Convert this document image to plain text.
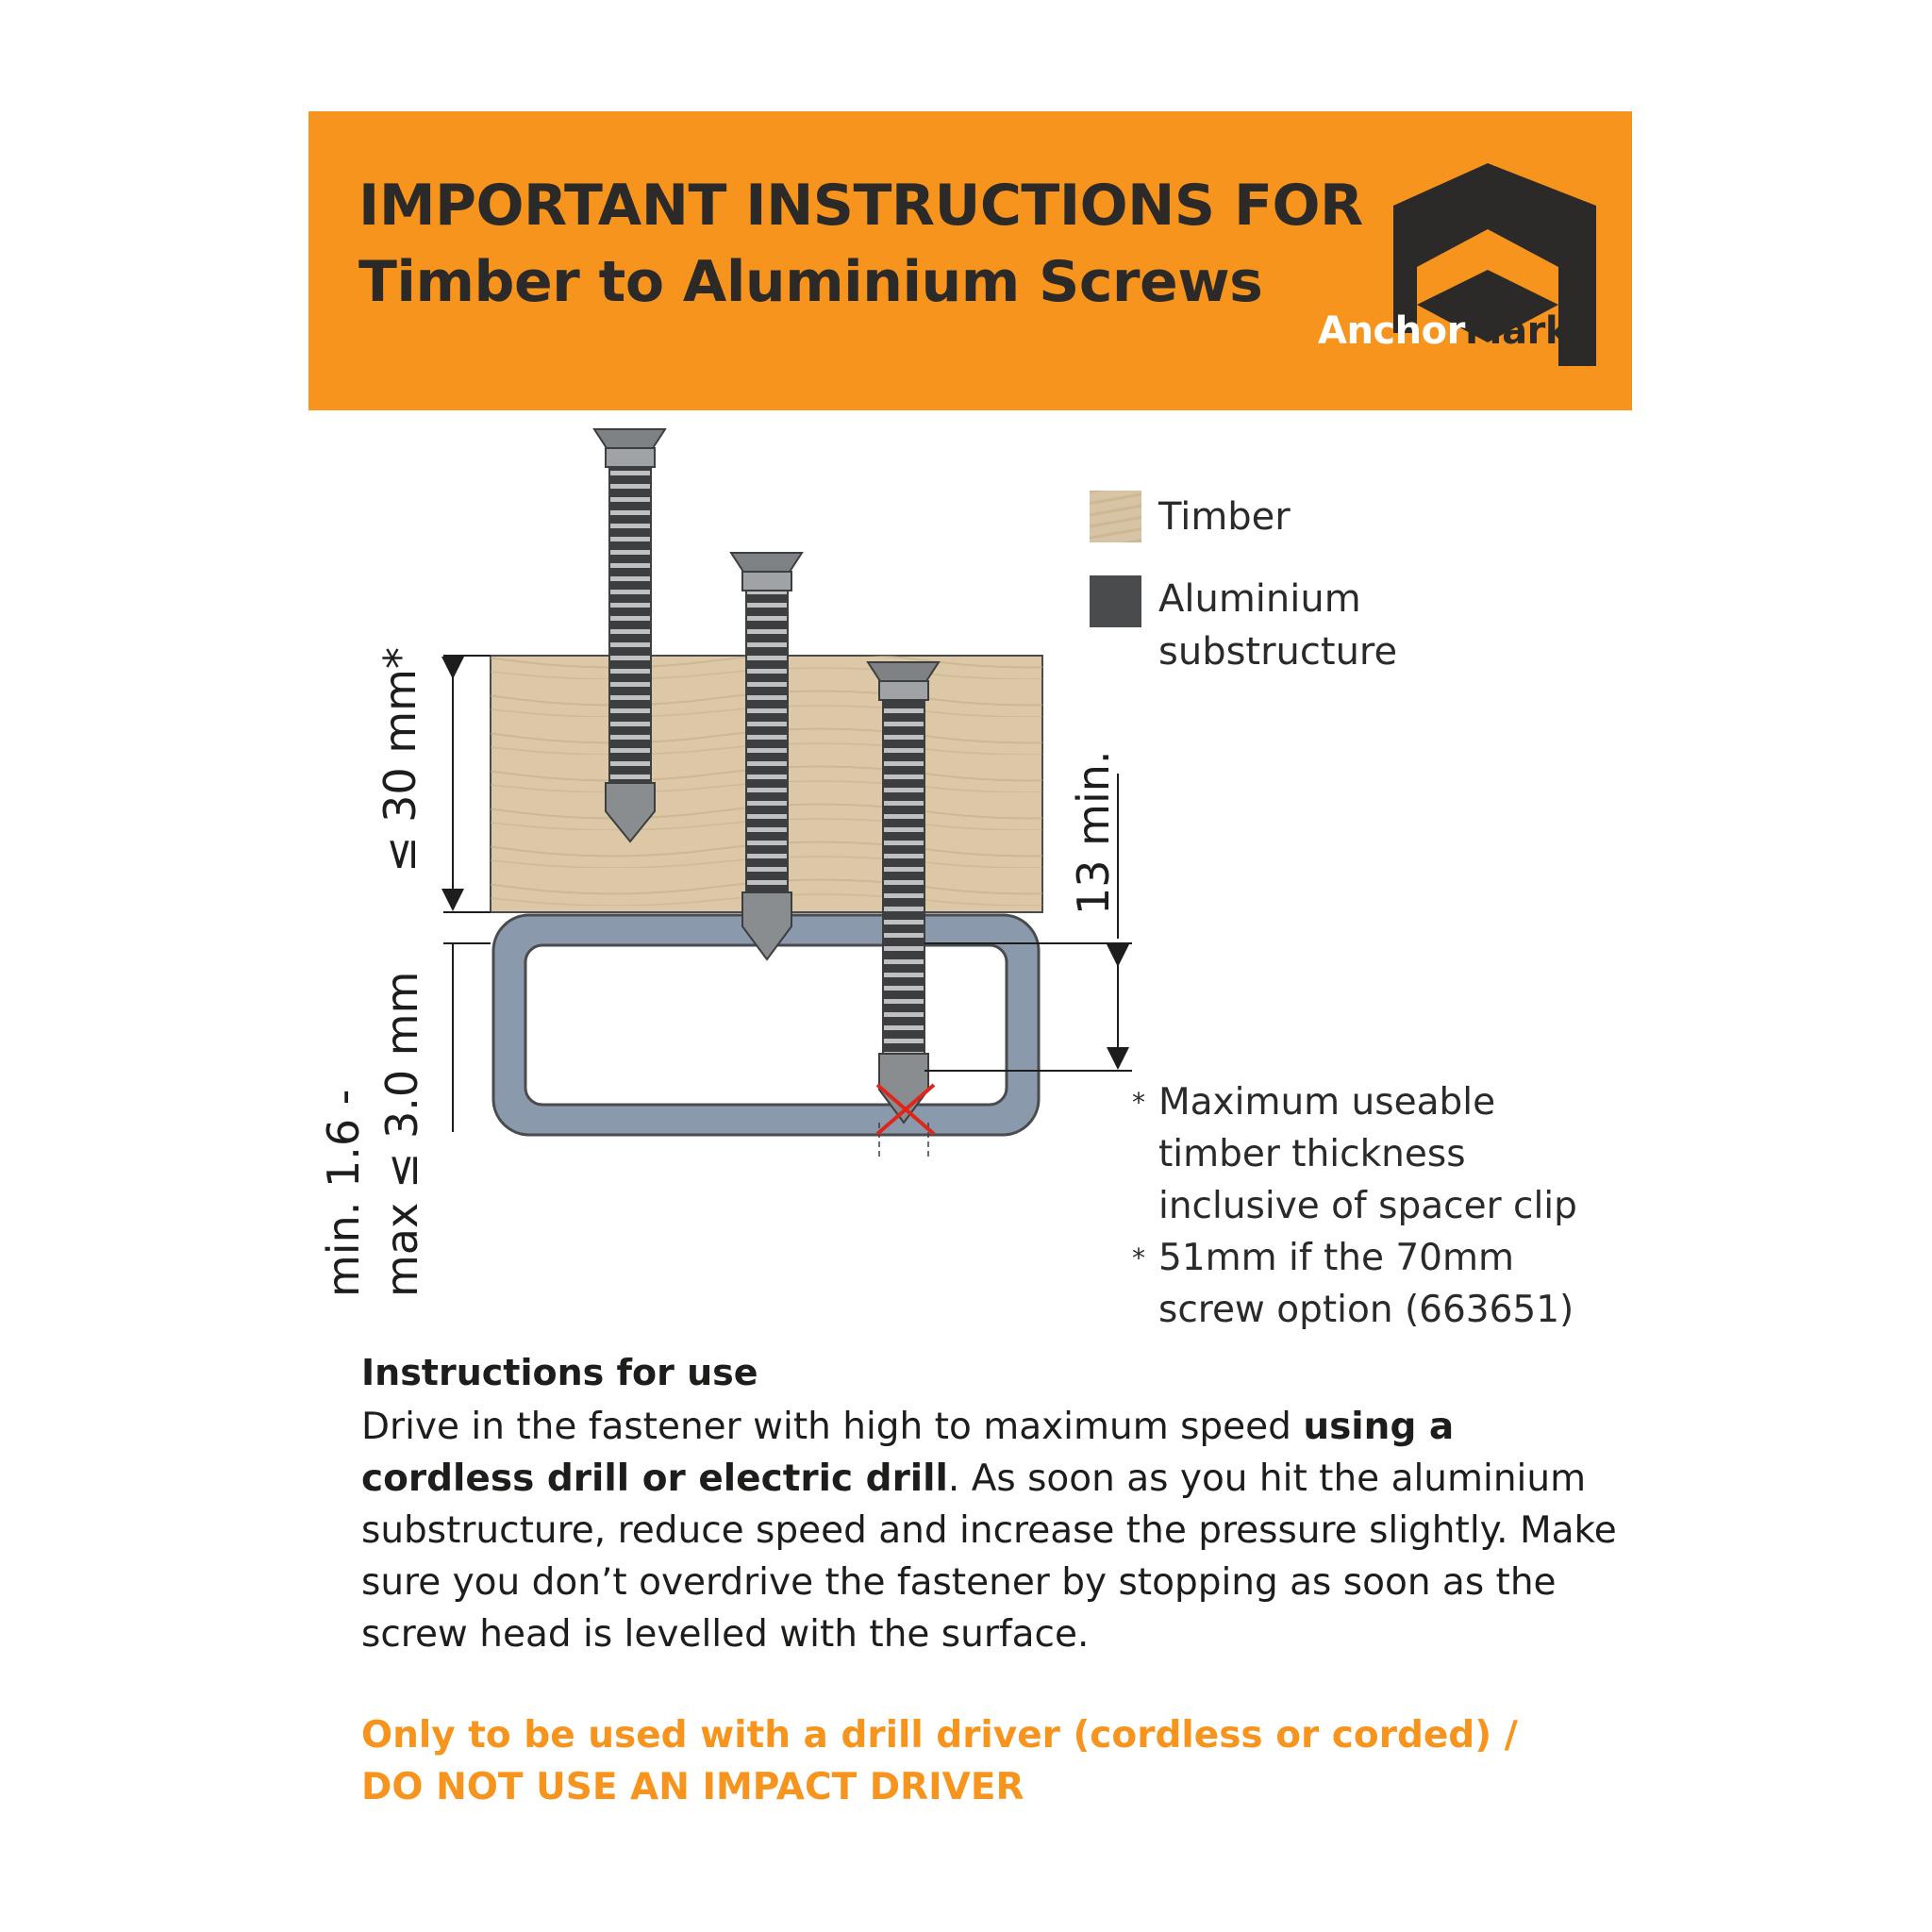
IMPORTANT INSTRUCTIONS FOR
Timber to Aluminium Screws
AnchorMark
≤ 30 mm*
min. 1.6 - max ≤ 3.0 mm
13 min.
Timber
Aluminium
substructure
* Maximum useable
timber thickness
inclusive of spacer clip
* 51mm if the 70mm
screw option (663651)
Instructions for use
Drive in the fastener with high to maximum speed using a cordless drill or electric drill. As soon as you hit the aluminium substructure, reduce speed and increase the pressure slightly. Make sure you don’t overdrive the fastener by stopping as soon as the screw head is levelled with the surface.
Only to be used with a drill driver (cordless or corded) /
DO NOT USE AN IMPACT DRIVER
